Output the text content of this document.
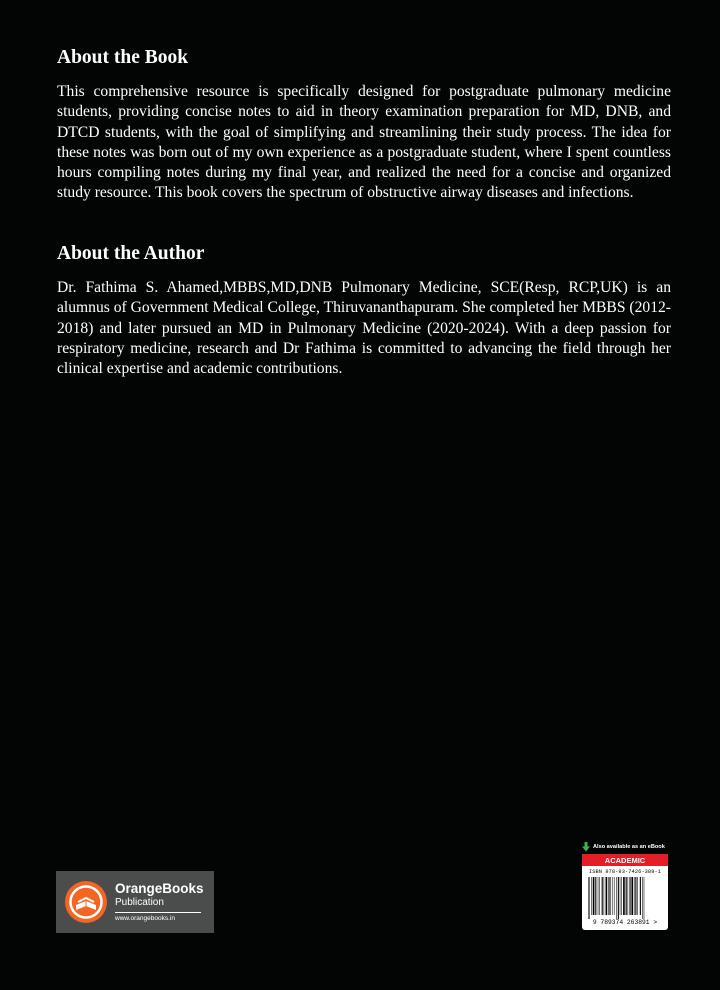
About the Book

This comprehensive resource is specifically designed for postgraduate pulmonary medicine students, providing concise notes to aid in theory examination preparation for MD, DNB, and DTCD students, with the goal of simplifying and streamlining their study process. The idea for these notes was born out of my own experience as a postgraduate student, where I spent countless hours compiling notes during my final year, and realized the need for a concise and organized study resource. This book covers the spectrum of obstructive airway diseases and infections.

About the Author

Dr. Fathima S. Ahamed,MBBS,MD,DNB Pulmonary Medicine, SCE(Resp, RCP,UK) is an alumnus of Government Medical College, Thiruvananthapuram. She completed her MBBS (2012-2018) and later pursued an MD in Pulmonary Medicine (2020-2024). With a deep passion for respiratory medicine, research and Dr Fathima is committed to advancing the field through her clinical expertise and academic contributions.

OrangeBooks
Publication
www.orangebooks.in
Also available as an eBook
ACADEMIC
ISBN 978-93-7426-389-1
9 789374 263891 >
